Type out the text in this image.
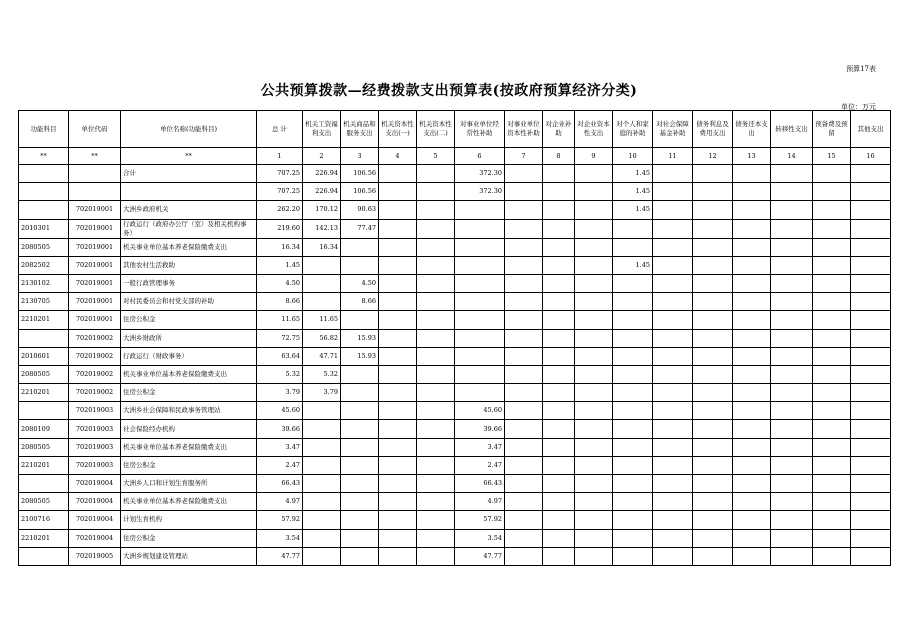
预算17表
公共预算拨款—经费拨款支出预算表(按政府预算经济分类)
单位：万元
功能科目	单位代码	单位名称(功能科目)	总 计	机关工资福利支出	机关商品和服务支出	机关资本性支出(一)	机关资本性支出(二)	对事业单位经常性补助	对事业单位资本性补助	对企业补助	对企业资本性支出	对个人和家庭的补助	对社会保障基金补助	债务利息及费用支出	债务还本支出	转移性支出	预备费及预留	其他支出
**	**	**	1	2	3	4	5	6	7	8	9	10	11	12	13	14	15	16
		合计	707.25	226.94	106.56			372.30				1.45						
			707.25	226.94	106.56			372.30				1.45						
	702019001	大洲乡政府机关	262.20	170.12	90.63							1.45						
2010301	702019001	行政运行（政府办公厅（室）及相关机构事务）	219.60	142.13	77.47													
2080505	702019001	机关事业单位基本养老保险缴费支出	16.34	16.34														
2082502	702019001	其他农村生活救助	1.45									1.45						
2130102	702019001	一般行政管理事务	4.50		4.50													
2130705	702019001	对村民委员会和村党支部的补助	8.66		8.66													
2210201	702019001	住房公积金	11.65	11.65														
	702019002	大洲乡财政所	72.75	56.82	15.93													
2010601	702019002	行政运行（财政事务）	63.64	47.71	15.93													
2080505	702019002	机关事业单位基本养老保险缴费支出	5.32	5.32														
2210201	702019002	住房公积金	3.79	3.79														
	702019003	大洲乡社会保障和民政事务管理站	45.60					45.60										
2080109	702019003	社会保险经办机构	39.66					39.66										
2080505	702019003	机关事业单位基本养老保险缴费支出	3.47					3.47										
2210201	702019003	住房公积金	2.47					2.47										
	702019004	大洲乡人口和计划生育服务所	66.43					66.43										
2080505	702019004	机关事业单位基本养老保险缴费支出	4.97					4.97										
2100716	702019004	计划生育机构	57.92					57.92										
2210201	702019004	住房公积金	3.54					3.54										
	702019005	大洲乡规划建设管理站	47.77					47.77										
